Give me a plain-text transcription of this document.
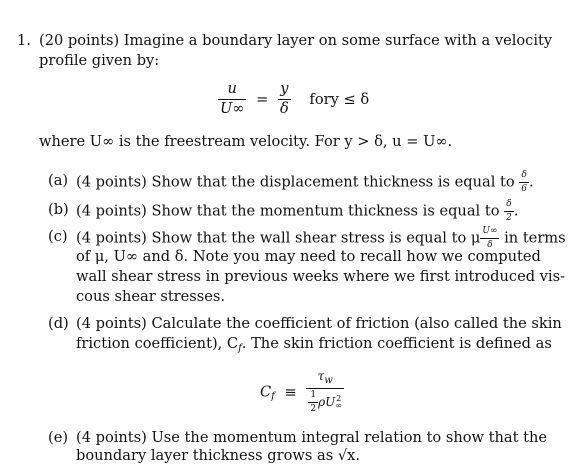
1. (20 points) Imagine a boundary layer on some surface with a velocity
profile given by:
$\frac{u}{U\infty} = \frac{y}{\delta}$ fory ≤ δ
where U∞ is the freestream velocity. For y > δ, u = U∞.
(a) (4 points) Show that the displacement thickness is equal to $\frac{\delta}{6}$ .
(b) (4 points) Show that the momentum thickness is equal to $\frac{\delta}{2}$ .
(c) (4 points) Show that the wall shear stress is equal to μ $\frac{U\infty}{\delta}$ in terms
of μ, U∞ and δ. Note you may need to recall how we computed
wall shear stress in previous weeks where we first introduced vis-
cous shear stresses.
(d) (4 points) Calculate the coefficient of friction (also called the skin
friction coefficient), $C_f$. The skin friction coefficient is defined as
$C_f \equiv \tau_w$
$\frac{1}{2}$ ρU 2
∞
(e) (4 points) Use the momentum integral relation to show that the
boundary layer thickness grows as √x.
